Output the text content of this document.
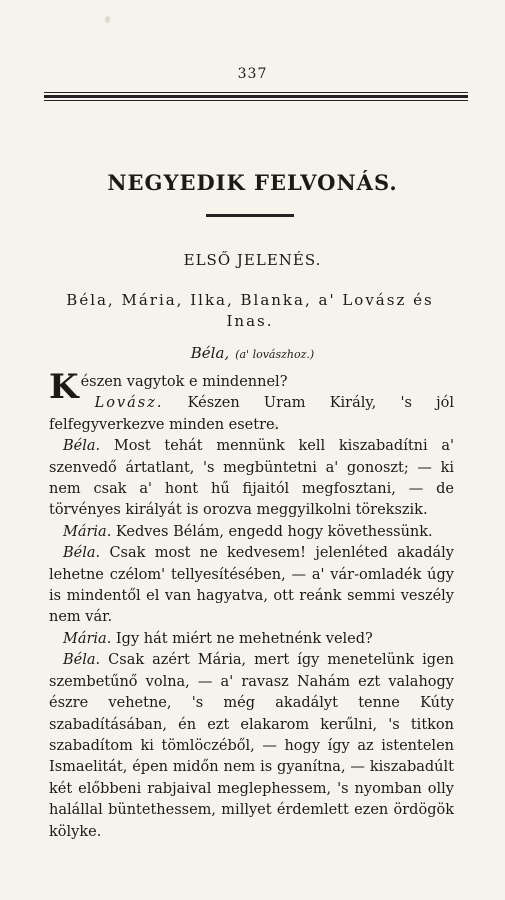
337
NEGYEDIK FELVONÁS.
ELSŐ JELENÉS.
Béla, Mária, Ilka, Blanka, a' Lovász és Inas.
Béla, (a' lovászhoz.)

Készen vagytok e mindennel?

Lovász. Készen Uram Király, 's jól felfegyverkezve minden esetre.

Béla. Most tehát mennünk kell kiszabadítni a' szenvedő ártatlant, 's megbüntetni a' gonoszt; — ki nem csak a' hont hű fijaitól megfosztani, — de törvényes királyát is orozva meggyilkolni törekszik.

Mária. Kedves Bélám, engedd hogy követhessünk.

Béla. Csak most ne kedvesem! jelenléted akadály lehetne czélom' tellyesítésében, — a' vár-omladék úgy is mindentől el van hagyatva, ott reánk semmi veszély nem vár.

Mária. Igy hát miért ne mehetnénk veled?

Béla. Csak azért Mária, mert így menetelünk igen szembetűnő volna, — a' ravasz Nahám ezt valahogy észre vehetne, 's még akadályt tenne Kúty szabadításában, én ezt elakarom kerűlni, 's titkon szabadítom ki tömlöczéből, — hogy így az istentelen Ismaelitát, épen midőn nem is gyanítna, — kiszabadúlt két előbbeni rabjaival meglephessem, 's nyomban olly halállal büntethessem, millyet érdemlett ezen ördögök kölyke.
